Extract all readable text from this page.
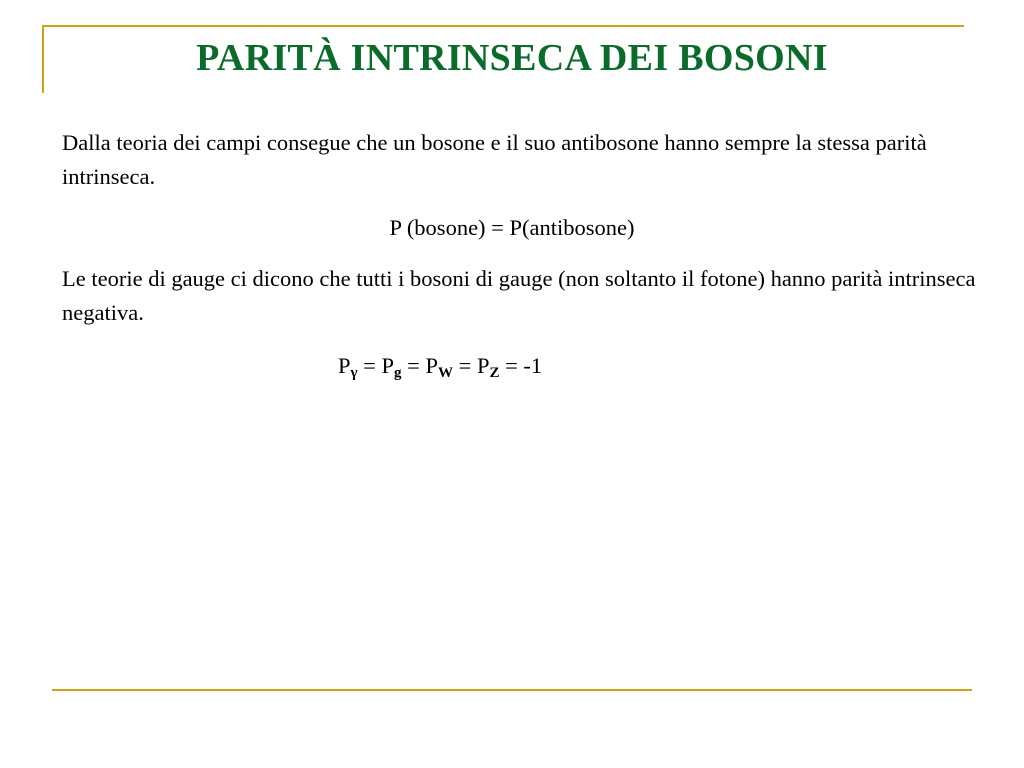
PARITÀ INTRINSECA DEI BOSONI

Dalla teoria dei campi consegue che un bosone e il suo antibosone hanno sempre la stessa parità intrinseca.

P (bosone) = P(antibosone)

Le teorie di gauge ci dicono che tutti i bosoni di gauge (non soltanto il fotone) hanno parità intrinseca negativa.

$P_\gamma = P_g = P_W = P_Z = -1$
